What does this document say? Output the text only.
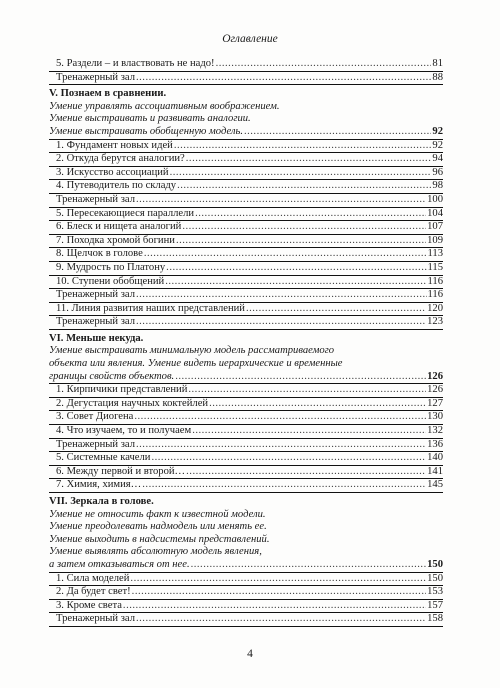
Оглавление
5. Раздели – и властвовать не надо! .....	81
Тренажерный зал .....	88
V. Познаем в сравнении.
Умение управлять ассоциативным воображением.
Умение выстраивать и развивать аналогии.
Умение выстраивать обобщенную модель. .....	92
1. Фундамент новых идей .....	92
2. Откуда берутся аналогии? .....	94
3. Искусство ассоциаций .....	96
4. Путеводитель по складу .....	98
Тренажерный зал .....	100
5. Пересекающиеся параллели .....	104
6. Блеск и нищета аналогий .....	107
7. Походка хромой богини .....	109
8. Щелчок в голове .....	113
9. Мудрость по Платону .....	115
10. Ступени обобщений .....	116
Тренажерный зал .....	116
11. Линия развития наших представлений .....	120
Тренажерный зал .....	123
VI. Меньше некуда.
Умение выстраивать минимальную модель рассматриваемого
объекта или явления. Умение видеть иерархические и временные
границы свойств объектов. .....	126
1. Кирпичики представлений .....	126
2. Дегустация научных коктейлей .....	127
3. Совет Диогена .....	130
4. Что изучаем, то и получаем .....	132
Тренажерный зал .....	136
5. Системные качели .....	140
6. Между первой и второй… .....	141
7. Химия, химия… .....	145
VII. Зеркала в голове.
Умение не относить факт к известной модели.
Умение преодолевать надмодель или менять ее.
Умение выходить в надсистемы представлений.
Умение выявлять абсолютную модель явления,
а затем отказываться от нее. .....	150
1. Сила моделей .....	150
2. Да будет свет! .....	153
3. Кроме света .....	157
Тренажерный зал .....	158
4
